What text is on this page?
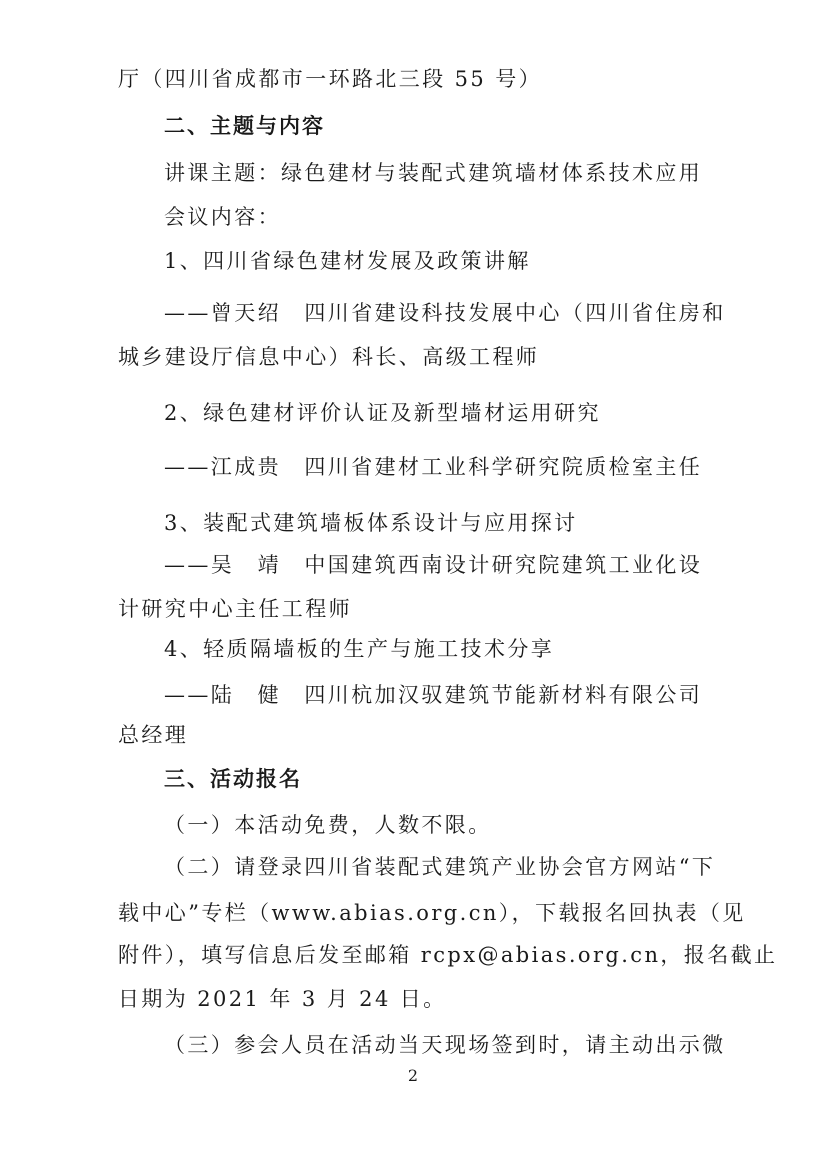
厅（四川省成都市一环路北三段 55 号）
二、主题与内容
讲课主题：绿色建材与装配式建筑墙材体系技术应用
会议内容：
1、四川省绿色建材发展及政策讲解
——曾天绍　四川省建设科技发展中心（四川省住房和
城乡建设厅信息中心）科长、高级工程师
2、绿色建材评价认证及新型墙材运用研究
——江成贵　四川省建材工业科学研究院质检室主任
3、装配式建筑墙板体系设计与应用探讨
——吴　靖　中国建筑西南设计研究院建筑工业化设
计研究中心主任工程师
4、轻质隔墙板的生产与施工技术分享
——陆　健　四川杭加汉驭建筑节能新材料有限公司
总经理
三、活动报名
（一）本活动免费，人数不限。
（二）请登录四川省装配式建筑产业协会官方网站“下
载中心”专栏（www.abias.org.cn），下载报名回执表（见
附件），填写信息后发至邮箱 rcpx@abias.org.cn，报名截止
日期为 2021 年 3 月 24 日。
（三）参会人员在活动当天现场签到时，请主动出示微
2
